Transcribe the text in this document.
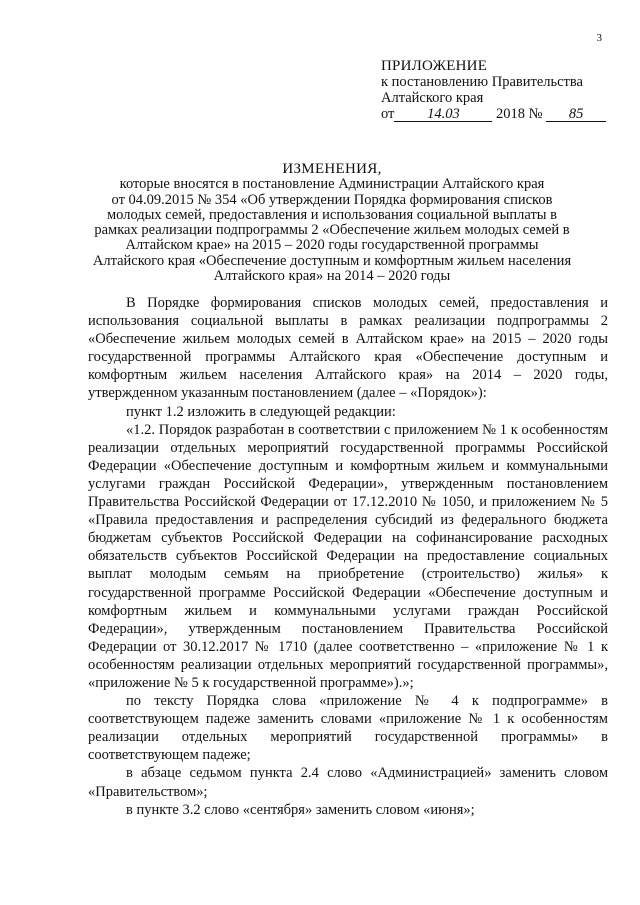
3
ПРИЛОЖЕНИЕ
к постановлению Правительства
Алтайского края
от 14.03	2018 № 85
ИЗМЕНЕНИЯ,
которые вносятся в постановление Администрации Алтайского края
от 04.09.2015 № 354 «Об утверждении Порядка формирования списков
молодых семей, предоставления и использования социальной выплаты в
рамках реализации подпрограммы 2 «Обеспечение жильем молодых семей в
Алтайском крае» на 2015 – 2020 годы государственной программы
Алтайского края «Обеспечение доступным и комфортным жильем населения
Алтайского края» на 2014 – 2020 годы

В Порядке формирования списков молодых семей, предоставления и использования социальной выплаты в рамках реализации подпрограммы 2 «Обеспечение жильем молодых семей в Алтайском крае» на 2015 – 2020 годы государственной программы Алтайского края «Обеспечение доступным и комфортным жильем населения Алтайского края» на 2014 – 2020 годы, утвержденном указанным постановлением (далее – «Порядок»):

пункт 1.2 изложить в следующей редакции:

«1.2. Порядок разработан в соответствии с приложением № 1 к особенностям реализации отдельных мероприятий государственной программы Российской Федерации «Обеспечение доступным и комфортным жильем и коммунальными услугами граждан Российской Федерации», утвержденным постановлением Правительства Российской Федерации от 17.12.2010 № 1050, и приложением № 5 «Правила предоставления и распределения субсидий из федерального бюджета бюджетам субъектов Российской Федерации на софинансирование расходных обязательств субъектов Российской Федерации на предоставление социальных выплат молодым семьям на приобретение (строительство) жилья» к государственной программе Российской Федерации «Обеспечение доступным и комфортным жильем и коммунальными услугами граждан Российской Федерации», утвержденным постановлением Правительства Российской Федерации от 30.12.2017 № 1710 (далее соответственно – «приложение № 1 к особенностям реализации отдельных мероприятий государственной программы», «приложение № 5 к государственной программе»).»;

по тексту Порядка слова «приложение № 4 к подпрограмме» в соответствующем падеже заменить словами «приложение № 1 к особенностям реализации отдельных мероприятий государственной программы» в соответствующем падеже;

в абзаце седьмом пункта 2.4 слово «Администрацией» заменить словом «Правительством»;

в пункте 3.2 слово «сентября» заменить словом «июня»;
